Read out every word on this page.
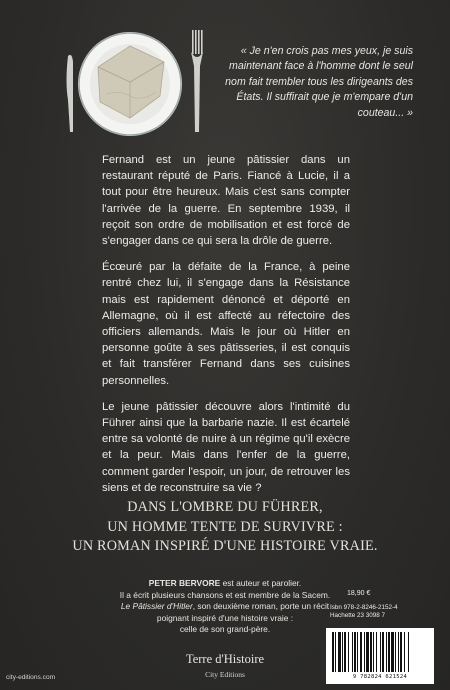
« Je n'en crois pas mes yeux, je suis maintenant face à l'homme dont le seul nom fait trembler tous les dirigeants des États. Il suffirait que je m'empare d'un couteau... »

Fernand est un jeune pâtissier dans un restaurant réputé de Paris. Fiancé à Lucie, il a tout pour être heureux. Mais c'est sans compter l'arrivée de la guerre. En septembre 1939, il reçoit son ordre de mobilisation et est forcé de s'engager dans ce qui sera la drôle de guerre.

Écœuré par la défaite de la France, à peine rentré chez lui, il s'engage dans la Résistance mais est rapidement dénoncé et déporté en Allemagne, où il est affecté au réfectoire des officiers allemands. Mais le jour où Hitler en personne goûte à ses pâtisseries, il est conquis et fait transférer Fernand dans ses cuisines personnelles.

Le jeune pâtissier découvre alors l'intimité du Führer ainsi que la barbarie nazie. Il est écartelé entre sa volonté de nuire à un régime qu'il exècre et la peur. Mais dans l'enfer de la guerre, comment garder l'espoir, un jour, de retrouver les siens et de reconstruire sa vie ?

DANS L'OMBRE DU FÜHRER,
UN HOMME TENTE DE SURVIVRE :
UN ROMAN INSPIRÉ D'UNE HISTOIRE VRAIE.
PETER BERVORE est auteur et parolier.
Il a écrit plusieurs chansons et est membre de la Sacem.
Le Pâtissier d'Hitler, son deuxième roman, porte un récit
poignant inspiré d'une histoire vraie :
celle de son grand-père.
18,90 €
Isbn 978-2-8246-2152-4
Hachette 23 3098 7
9 782824 621524
Terre d'Histoire
City Editions
city-editions.com
